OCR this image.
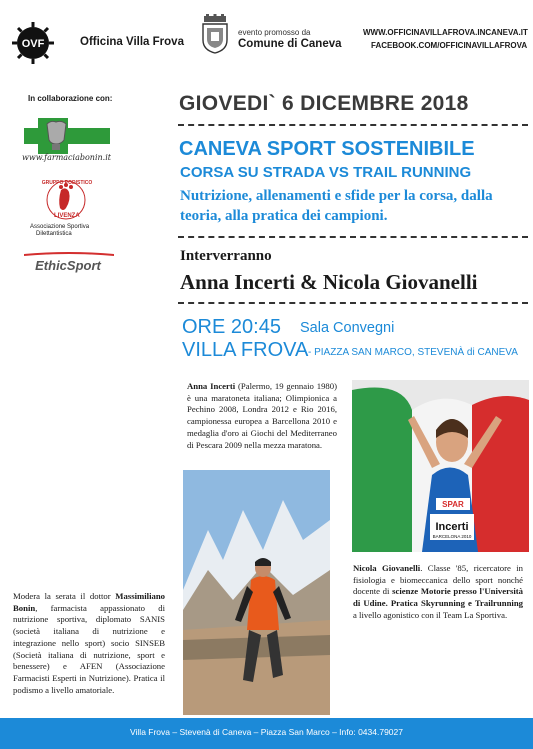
OVF	Officina Villa Frova
evento promosso da
Comune di Caneva
WWW.OFFICINAVILLAFROVA.INCANEVA.IT
FACEBOOK.COM/OFFICINAVILLAFROVA
In collaborazione con:
www.farmaciabonin.it
GRUPPO PODISTICO
LIVENZA
Associazione Sportiva
Dilettantistica
EthicSport
GIOVEDI` 6 DICEMBRE 2018
CANEVA SPORT SOSTENIBILE
CORSA SU STRADA VS TRAIL RUNNING
Nutrizione, allenamenti e sfide per la corsa, dalla teoria, alla pratica dei campioni.
Interverranno
Anna Incerti & Nicola Giovanelli
ORE 20:45 Sala Convegni
VILLA FROVA - PIAZZA SAN MARCO, STEVENÀ di CANEVA
Anna Incerti (Palermo, 19 gennaio 1980) è una maratoneta italiana; Olimpionica a Pechino 2008, Londra 2012 e Rio 2016, campionessa europea a Barcellona 2010 e medaglia d'oro ai Giochi del Mediterraneo di Pescara 2009 nella mezza maratona.
Nicola Giovanelli. Classe '85, ricercatore in fisiologia e biomeccanica dello sport nonché docente di scienze Motorie presso l'Università di Udine. Pratica Skyrunning e Trailrunning a livello agonistico con il Team La Sportiva.
Modera la serata il dottor Massimiliano Bonin, farmacista appassionato di nutrizione sportiva, diplomato SANIS (società italiana di nutrizione e integrazione nello sport) socio SINSEB (Società italiana di nutrizione, sport e benessere) e AFEN (Associazione Farmacisti Esperti in Nutrizione). Pratica il podismo a livello amatoriale.
SPAR
Incerti
BARCELONA 2010
Villa Frova – Stevenà di Caneva – Piazza San Marco – Info: 0434.79027
